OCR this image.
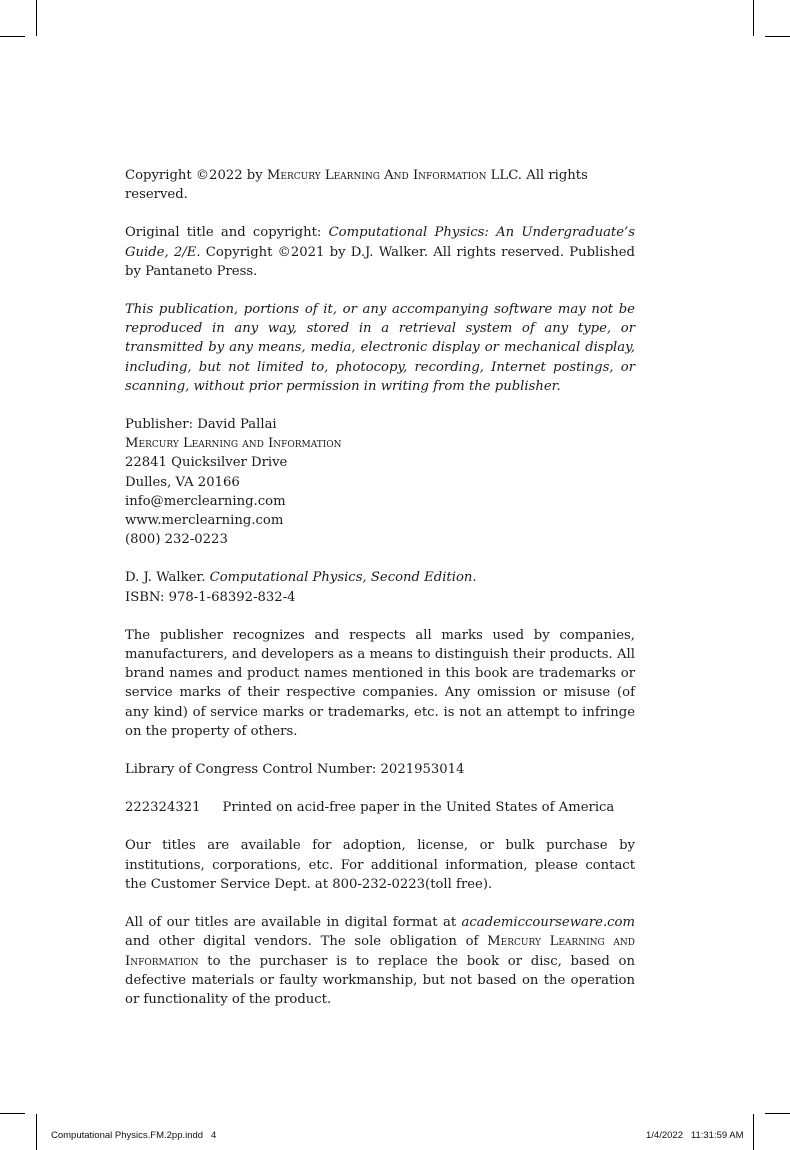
Copyright ©2022 by Mercury Learning And Information LLC. All rights reserved.

Original title and copyright: Computational Physics: An Undergraduate’s Guide, 2/E. Copyright ©2021 by D.J. Walker. All rights reserved. Published by Pantaneto Press.

This publication, portions of it, or any accompanying software may not be reproduced in any way, stored in a retrieval system of any type, or transmitted by any means, media, electronic display or mechanical display, including, but not limited to, photocopy, recording, Internet postings, or scanning, without prior permission in writing from the publisher.

Publisher: David Pallai
Mercury Learning and Information
22841 Quicksilver Drive
Dulles, VA 20166
info@merclearning.com
www.merclearning.com
(800) 232-0223

D. J. Walker. Computational Physics, Second Edition.
ISBN: 978-1-68392-832-4

The publisher recognizes and respects all marks used by companies, manufacturers, and developers as a means to distinguish their products. All brand names and product names mentioned in this book are trademarks or service marks of their respective companies. Any omission or misuse (of any kind) of service marks or trademarks, etc. is not an attempt to infringe on the property of others.

Library of Congress Control Number: 2021953014

222324321 Printed on acid-free paper in the United States of America

Our titles are available for adoption, license, or bulk purchase by institutions, corporations, etc. For additional information, please contact the Customer Service Dept. at 800-232-0223(toll free).

All of our titles are available in digital format at academiccourseware.com and other digital vendors. The sole obligation of Mercury Learning and Information to the purchaser is to replace the book or disc, based on defective materials or faulty workmanship, but not based on the operation or functionality of the product.

Computational Physics.FM.2pp.indd   4	1/4/2022   11:31:59 AM
